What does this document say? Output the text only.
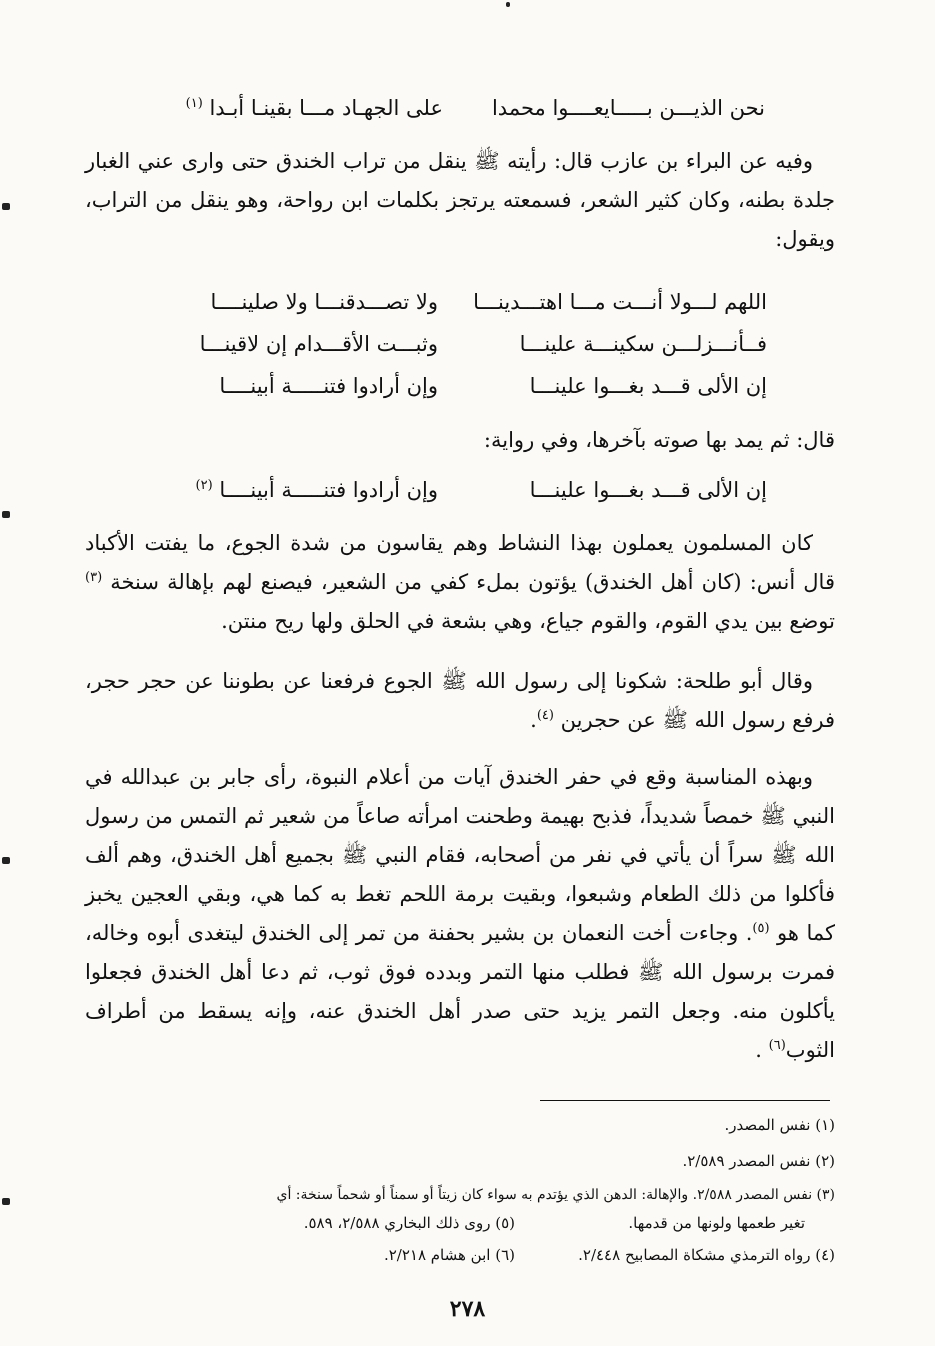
نحن الذيـــن بـــــايعــــوا محمدا
على الجهـاد مـــا بقينـا أبـدا $^{(١)}$

وفيه عن البراء بن عازب قال: رأيته ﷺ ينقل من تراب الخندق حتى وارى عني الغبار جلدة بطنه، وكان كثير الشعر، فسمعته يرتجز بكلمات ابن رواحة، وهو ينقل من التراب، ويقول:

اللهم لـــولا أنـــت مـــا اهتـــدينـــا
ولا تصـــدقنـــا ولا صلينــــا
فــأنـــزلـــن سكينـــة علينـــا
وثبـــت الأقـــدام إن لاقينـــا
إن الألى قـــد بغـــوا علينـــا
وإن أرادوا فتنـــــة أبينــــا
قال: ثم يمد بها صوته بآخرها، وفي رواية:
إن الألى قـــد بغـــوا علينـــا
وإن أرادوا فتنـــــة أبينــــا $^{(٢)}$

كان المسلمون يعملون بهذا النشاط وهم يقاسون من شدة الجوع، ما يفتت الأكباد قال أنس: (كان أهل الخندق) يؤتون بملء كفي من الشعير، فيصنع لهم بإهالة سنخة $^{(٣)}$ توضع بين يدي القوم، والقوم جياع، وهي بشعة في الحلق ولها ريح منتن.

وقال أبو طلحة: شكونا إلى رسول الله ﷺ الجوع فرفعنا عن بطوننا عن حجر حجر، فرفع رسول الله ﷺ عن حجرين $^{(٤)}$.

وبهذه المناسبة وقع في حفر الخندق آيات من أعلام النبوة، رأى جابر بن عبدالله في النبي ﷺ خمصاً شديداً، فذبح بهيمة وطحنت امرأته صاعاً من شعير ثم التمس من رسول الله ﷺ سراً أن يأتي في نفر من أصحابه، فقام النبي ﷺ بجميع أهل الخندق، وهم ألف فأكلوا من ذلك الطعام وشبعوا، وبقيت برمة اللحم تغط به كما هي، وبقي العجين يخبز كما هو $^{(٥)}$. وجاءت أخت النعمان بن بشير بحفنة من تمر إلى الخندق ليتغدى أبوه وخاله، فمرت برسول الله ﷺ فطلب منها التمر وبدده فوق ثوب، ثم دعا أهل الخندق فجعلوا يأكلون منه. وجعل التمر يزيد حتى صدر أهل الخندق عنه، وإنه يسقط من أطراف الثوب$^{(٦)}$ .

(١) نفس المصدر.
(٢) نفس المصدر ٢/٥٨٩.
(٣) نفس المصدر ٢/٥٨٨. والإهالة: الدهن الذي يؤتدم به سواء كان زيتاً أو سمناً أو شحماً سنخة: أي
تغير طعمها ولونها من قدمها.
(٥) روى ذلك البخاري ٢/٥٨٨، ٥٨٩.
(٤) رواه الترمذي مشكاة المصابيح ٢/٤٤٨.
(٦) ابن هشام ٢/٢١٨.
٢٧٨
